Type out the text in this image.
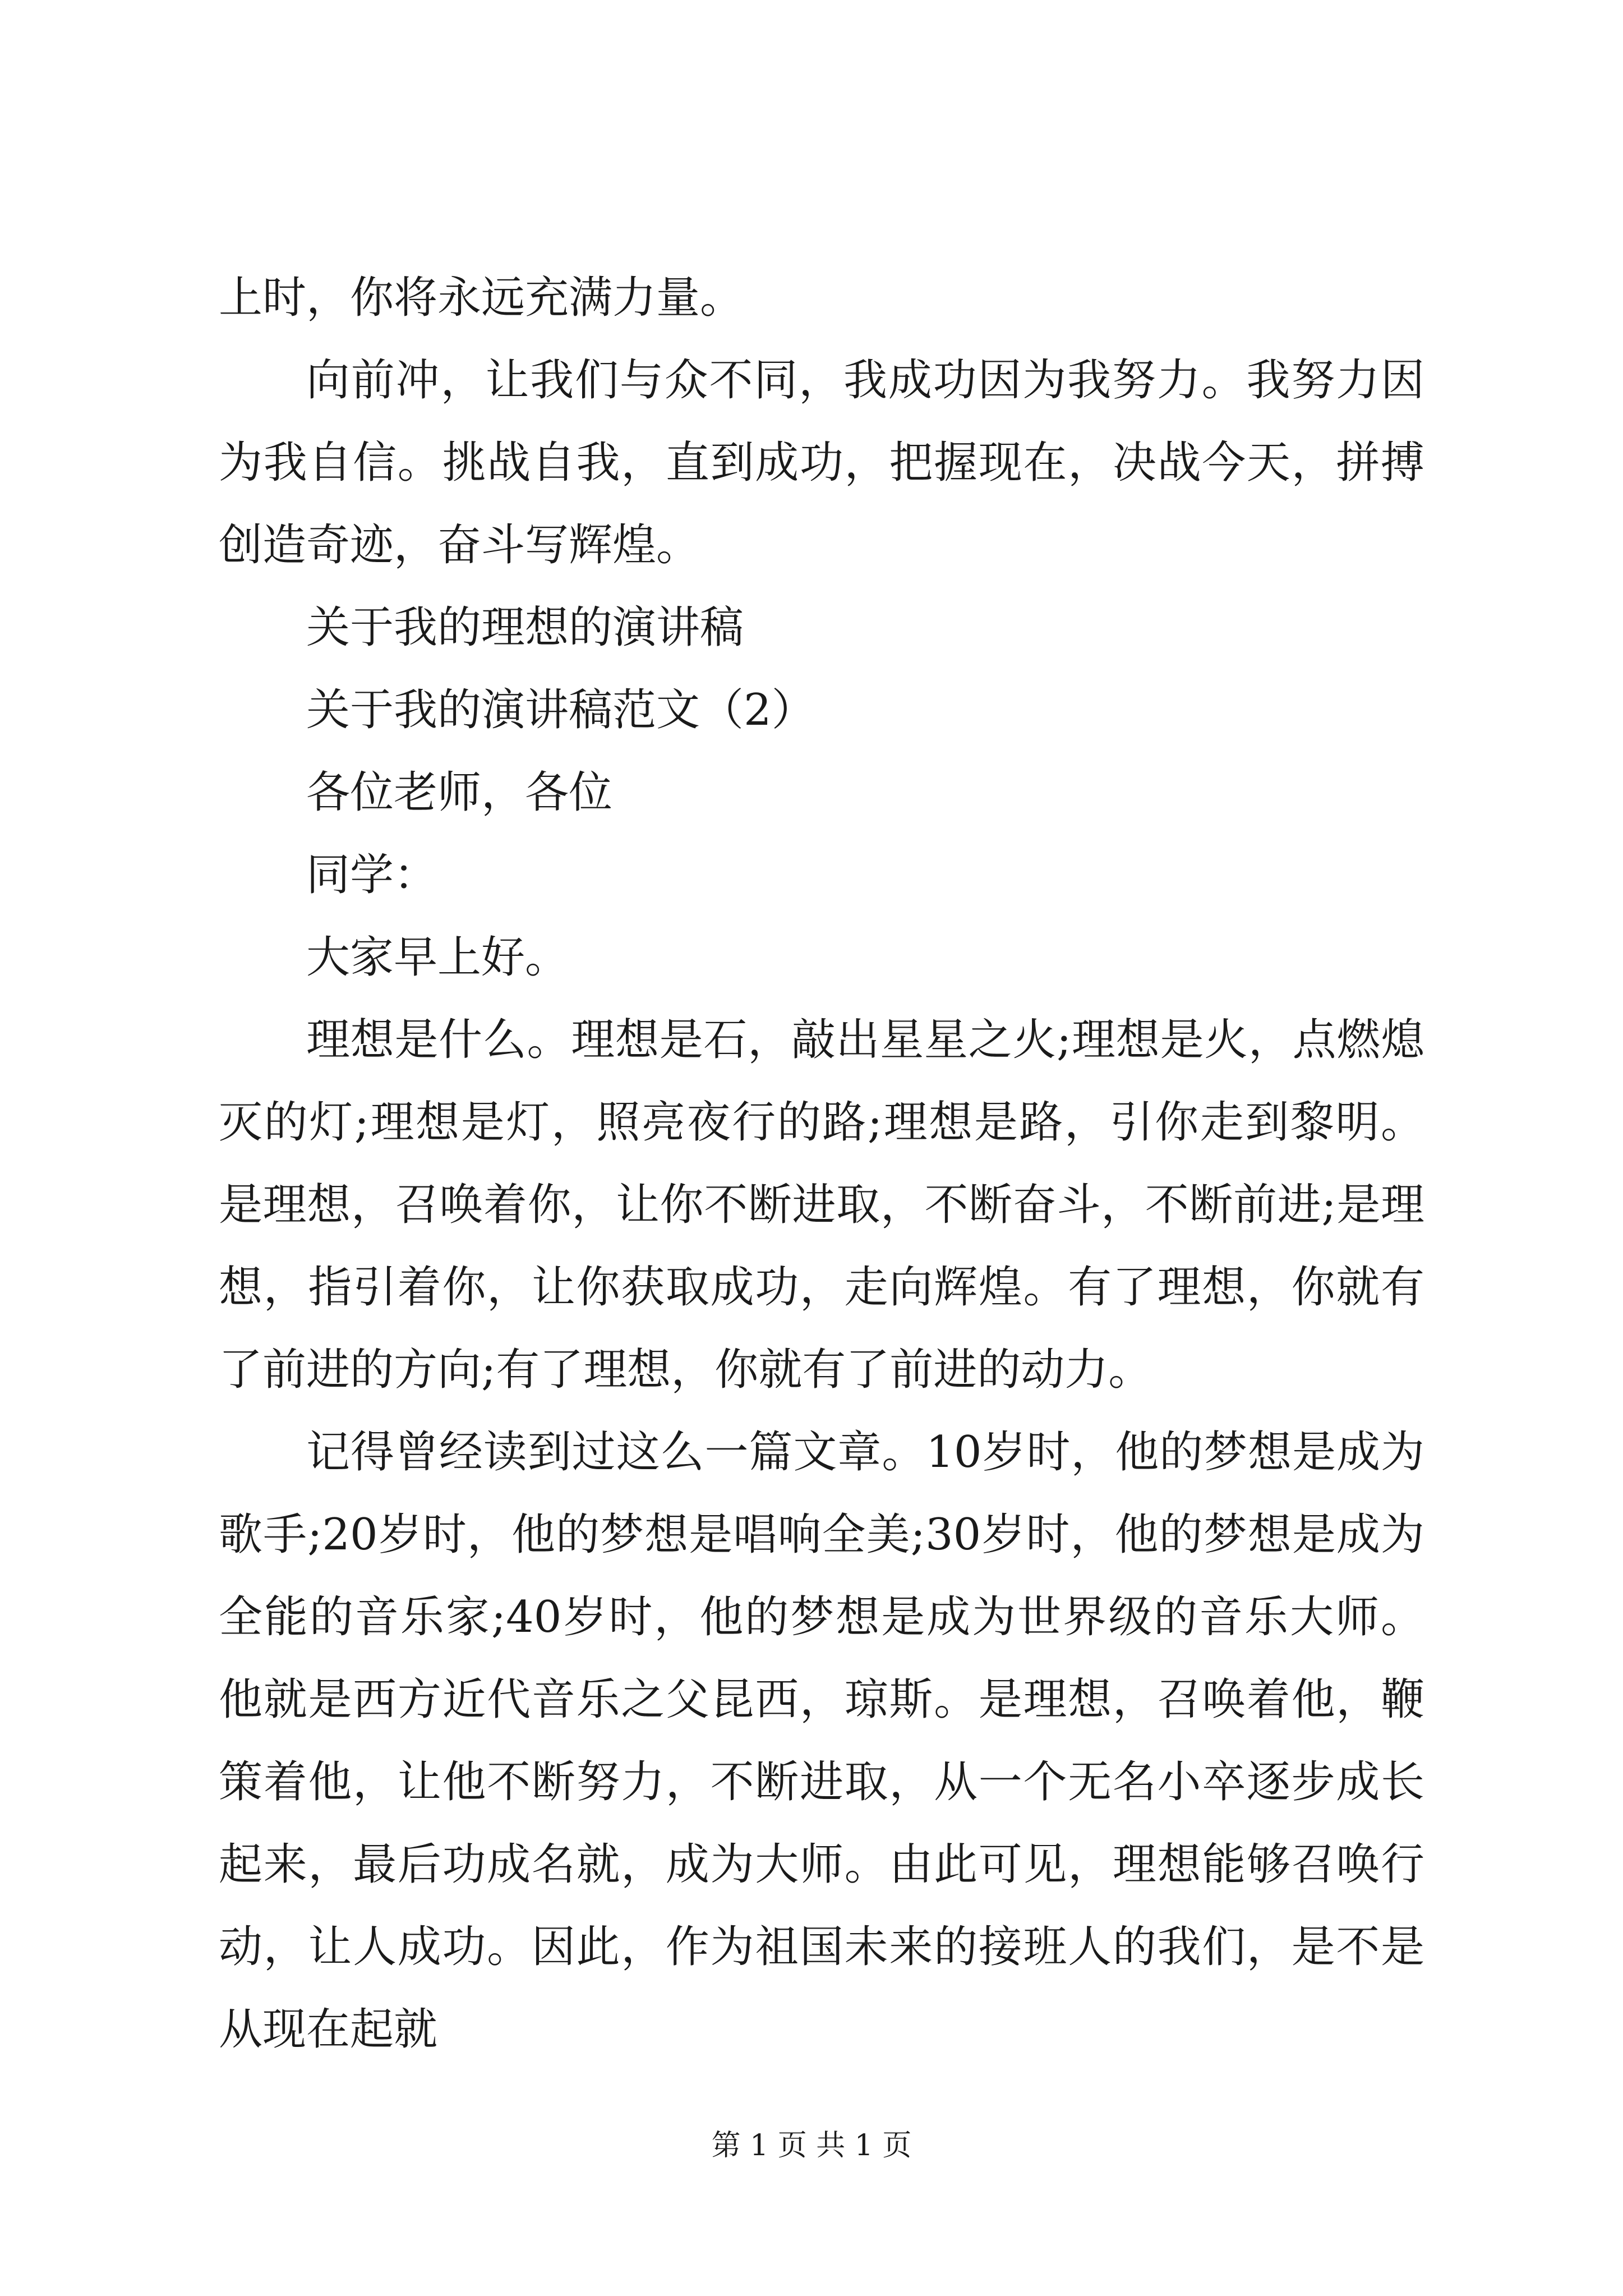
上时，你将永远充满力量。

向前冲，让我们与众不同，我成功因为我努力。我努力因为我自信。挑战自我，直到成功，把握现在，决战今天，拼搏创造奇迹，奋斗写辉煌。

关于我的理想的演讲稿

关于我的演讲稿范文（2）

各位老师，各位

同学：

大家早上好。

理想是什么。理想是石，敲出星星之火;理想是火，点燃熄灭的灯;理想是灯，照亮夜行的路;理想是路，引你走到黎明。是理想，召唤着你，让你不断进取，不断奋斗，不断前进;是理想，指引着你，让你获取成功，走向辉煌。有了理想，你就有了前进的方向;有了理想，你就有了前进的动力。

记得曾经读到过这么一篇文章。10岁时，他的梦想是成为歌手;20岁时，他的梦想是唱响全美;30岁时，他的梦想是成为全能的音乐家;40岁时，他的梦想是成为世界级的音乐大师。他就是西方近代音乐之父昆西，琼斯。是理想，召唤着他，鞭策着他，让他不断努力，不断进取，从一个无名小卒逐步成长起来，最后功成名就，成为大师。由此可见，理想能够召唤行动，让人成功。因此，作为祖国未来的接班人的我们，是不是从现在起就

第 1 页 共 1 页
